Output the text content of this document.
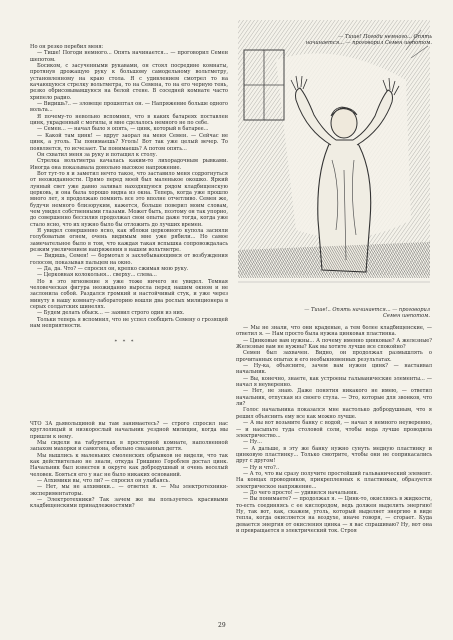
Но он резко перебил меня:

— Тише! Погоди немного... Опять начинается... — проговорил Семен шепотом.

Босиком, с засученными рукавами, он стоял посредине комнаты, протянув дрожащую руку к большому самодельному вольтметру, установленному на краю стола. Я с удивлением смотрел то на качающуюся стрелку вольтметра, то на Семена, то на его черную тень, резко обрисовывавшуюся на белой стене. В соседней комнате часто хрипело радио.

— Видишь?.. — зловеще прошептал он. — Напряжение больше одного вольта...

Я почему-то невольно вспомнил, что в каких батареях поставлен цинк, украденный с могилы, и мне сделалось немного не по себе.

— Семен... — начал было я опять, — цинк, который в батарее...

— Какой там цинк! — вдруг заорал на меня Семен. — Сейчас не цинк, а уголь. Ты понимаешь? Уголь! Вот так уже целый вечер. То появляется, то исчезает. Ты понимаешь? А потом опять...

Он схватил меня за руку и потащил к столу.

Стрелка вольтметра качалась каким-то лихорадочным рывками. Иногда она показывала довольно высокое напряжение.

Вот тут-то я и заметил нечто такое, что заставило меня содрогнуться от неожиданности. Прямо перед моей был маленькое окошко. Яркий лунный свет уже давно заливал находящуюся рядом кладбищенскую церковь, и она была хорошо видна из окна. Теперь, когда уже прошло много лет, я продолжаю помнить все это вполне отчетливо. Семен же, будучи немного близоруким, кажется, больше поверил моим словам, чем увидел собственными глазами. Может быть, поэтому он так упорно, до совершенно бессилия продолжал свои опыты даже тогда, когда уже стало ясно, что их нужно было бы отложить до лучших времен.

Я увидел совершенно ясно, как яблоки церковного купола засияли голубоватым огнем, очень видимым мне уже рябили... Но самое замечательное было в том, что каждая такая вспышка сопровождалась резким увеличением напряжения в нашем вольтметре.

— Видишь, Семен! — бормотал я захлебывающимся от возбуждения голосом, показывая пальцем на окно.

— Да, да. Что? — спросил он, крепко сжимая мою руку.

— Церковная колокольня... сверху... слева...

Но в это мгновение я уже тоже ничего не увидел. Темная человеческая фигура неожиданно выросла перед нашим окном и не заслонила собой. Раздался громкий и настойчивый стук, и уже через минуту в нашу комнату-лабораторию вошли два рослых милиционера в серых солдатских шинелях.

— Будем делать обыск... — заявил строго один из них.

Тольки теперь я вспомнил, что не успел сообщить Семену о грозящей нам неприятности.

* * *

ЧТО ЗА дьявольщиной вы там занимаетесь? — строго спросил нас круглолицый и низкорослый начальник уездной милиции, когда мы пришли к нему.

Мы сидели на табуретках в просторной комнате, наполненной запахом махорки и самогона, обильно смазанных дегтя.

Мы вышлись к маленьких смоленских обрывков не видели, что так как действительно не знали, откуда Гришино Гороблев достал цинк. Начальник был известен в округе как добродушный и очень веселый человек. Бояться его у нас не было никаких оснований.

— Алхимики вы, что ли? — спросил он улыбаясь.

— Нет, мы не алхимики... — ответил я. — Мы электротехники-экспериментаторы.

— Электротехники? Так зачем же вы пользуетесь красивыми кладбищенскими принадлежностями?

— Тише! Погоди немного... Опять начинается... — проговорил Семен шепотом.
— Тише!.. Опять начинается... — проговорил Семен шепотом.

— Мы не знали, что они краденые, а тем более кладбищенские, — ответил я. — Нам просто была нужна цинковая пластинка.

— Цинковые вам нужны... А почему именно цинковые? А железные? Железные вам не нужны? Как вы хотите лучше все спокойно?

Семен был захвачен. Видно, он продолжал размышлять о прочитанных опытах и его необыкновенных результатах.

— Ну-ка, объясните, зачем вам нужен цинк? — настаивал начальник.

— Вы, конечно, знаете, как устроены гальванические элементы... — начал я неуверенно.

— Нет, не знаю. Даже понятия никакого не имею, — ответил начальник, отпуская из своего стула. — Это, которые для звонков, что ли?

Голос начальника показался мне настолько добродушным, что я решил объяснить ему все как можно лучше.

— А вы вот возьмите банку с водой, — начал я немного неуверенно, — и насыпьте туда столовой соли, чтобы вода лучше проводила электричество...

— Ну...

— А дальше, в эту же банку нужно сунуть медную пластинку и цинковую пластинку... Только смотрите, чтобы они не соприкасались друг с другом!

— Ну и что?..

— А то, что вы сразу получите простейший гальванический элемент. На концах проводников, прикрепленных к пластинкам, образуется электрическое напряжение...

— До чего просто! — удивился начальник.

— Вы понимаете? — продолжал я. — Цинк-то, окисляясь в жидкости, то-есть соединяясь с ее кислородом, ведь должен выделить энергию! Ну, так вот, как, скажем, уголь, который выделяет энергию в виде тепла, когда окисляется на воздухе, иначе говоря, — сгорает. Куда девается энергия от окисления цинка — я вас спрашиваю? Ну, вот она и превращается в электрический ток. Строя

29
